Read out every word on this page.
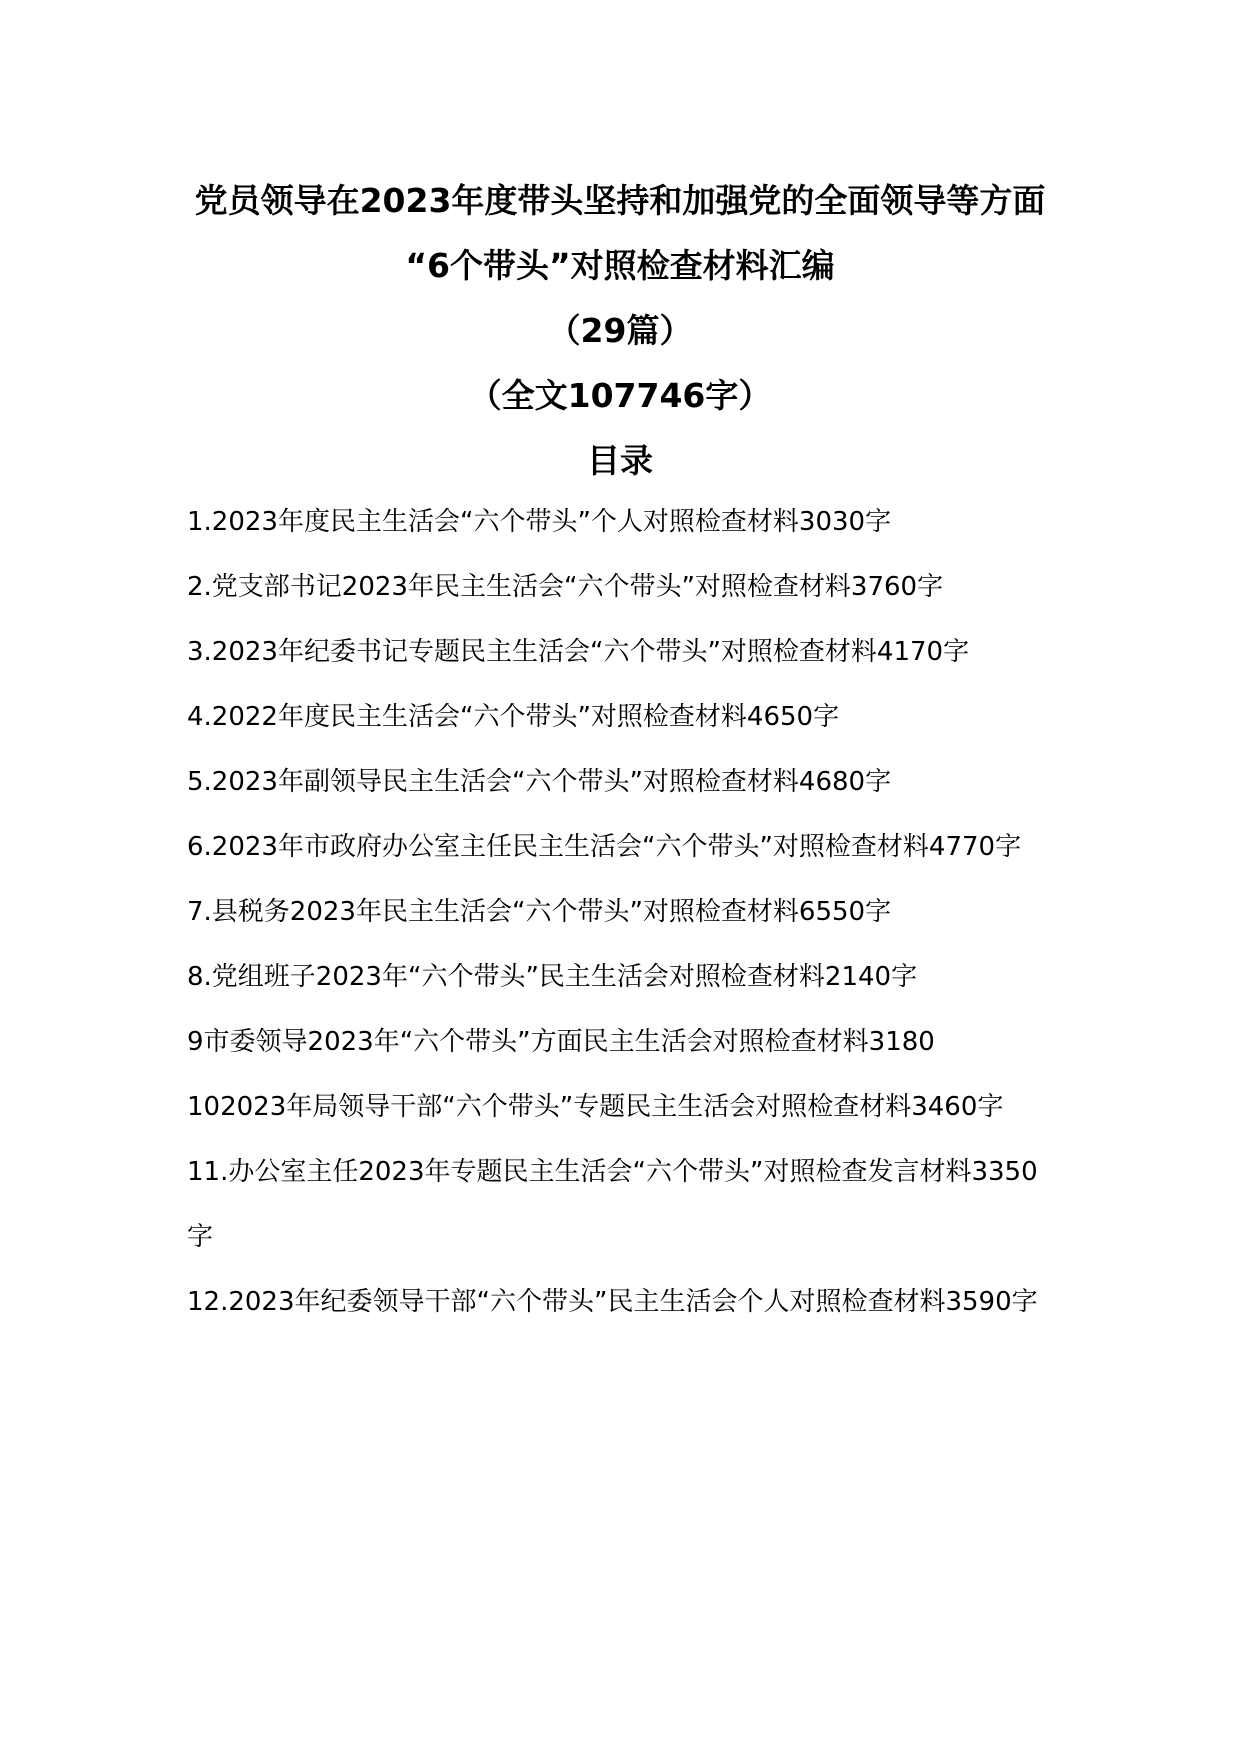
党员领导在2023年度带头坚持和加强党的全面领导等方面
“6个带头”对照检查材料汇编
（29篇）
（全文107746字）
目录

1.2023年度民主生活会“六个带头”个人对照检查材料3030字

2.党支部书记2023年民主生活会“六个带头”对照检查材料3760字

3.2023年纪委书记专题民主生活会“六个带头”对照检查材料4170字

4.2022年度民主生活会“六个带头”对照检查材料4650字

5.2023年副领导民主生活会“六个带头”对照检查材料4680字

6.2023年市政府办公室主任民主生活会“六个带头”对照检查材料4770字

7.县税务2023年民主生活会“六个带头”对照检查材料6550字

8.党组班子2023年“六个带头”民主生活会对照检查材料2140字

9市委领导2023年“六个带头”方面民主生活会对照检查材料3180

102023年局领导干部“六个带头”专题民主生活会对照检查材料3460字

11.办公室主任2023年专题民主生活会“六个带头”对照检查发言材料3350字

12.2023年纪委领导干部“六个带头”民主生活会个人对照检查材料3590字
